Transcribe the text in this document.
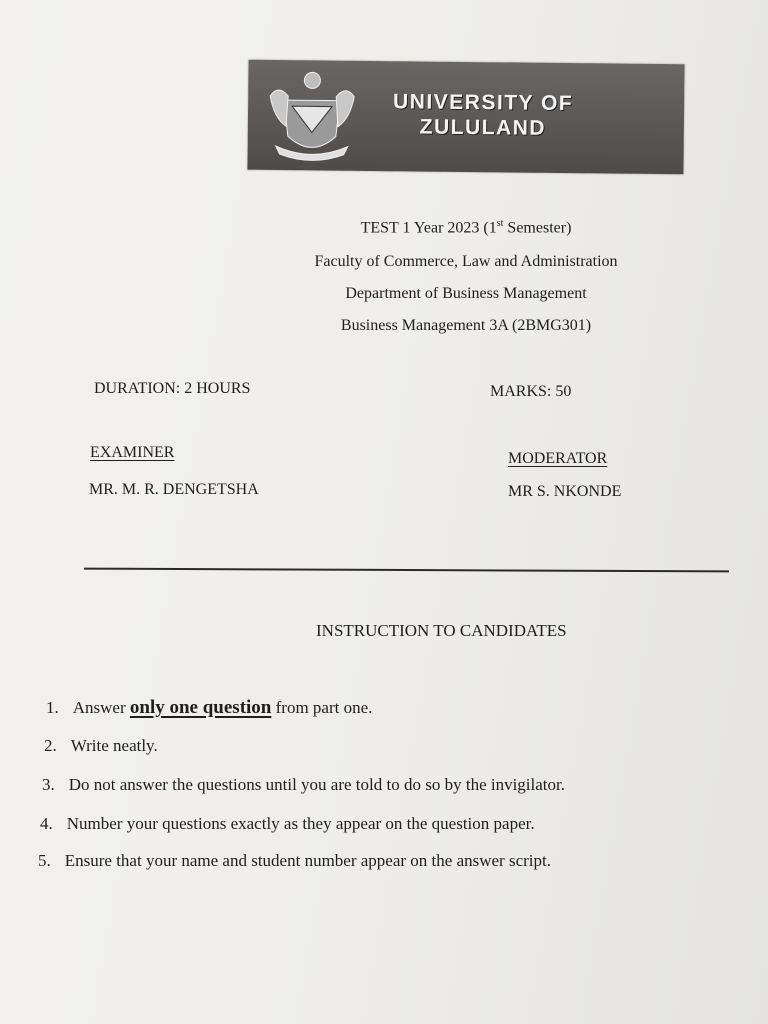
UNIVERSITY OF
ZULULAND
TEST 1 Year 2023 (1st Semester)
Faculty of Commerce, Law and Administration
Department of Business Management
Business Management 3A (2BMG301)
DURATION: 2 HOURS	MARKS: 50
EXAMINER
MR. M. R. DENGETSHA
MODERATOR
MR S. NKONDE
INSTRUCTION TO CANDIDATES
1. Answer only one question from part one.
2. Write neatly.
3. Do not answer the questions until you are told to do so by the invigilator.
4. Number your questions exactly as they appear on the question paper.
5. Ensure that your name and student number appear on the answer script.
